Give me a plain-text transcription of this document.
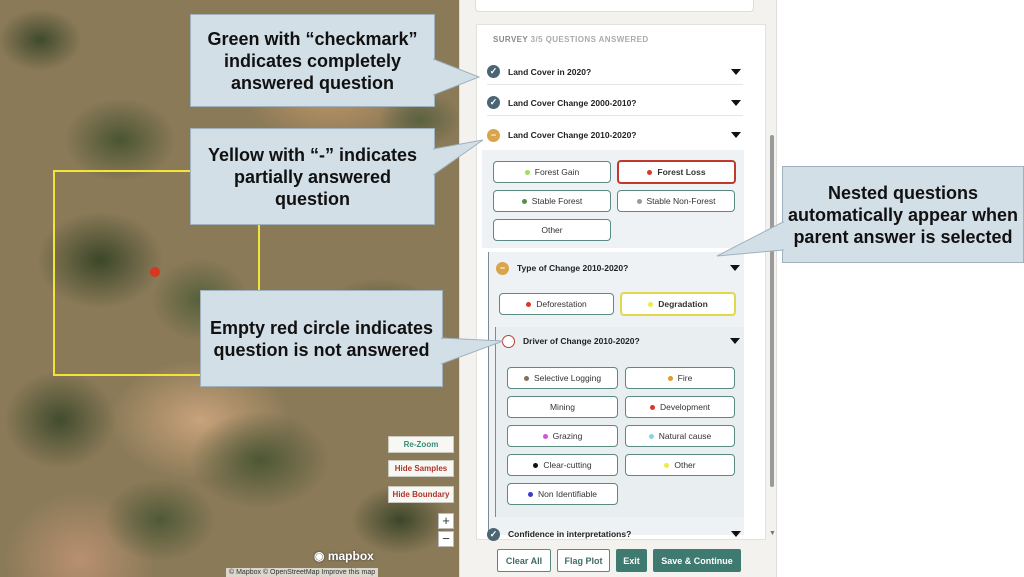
Re-Zoom
Hide Samples
Hide Boundary
+
−
◉ mapbox
© Mapbox © OpenStreetMap Improve this map
SURVEY 3/5 QUESTIONS ANSWERED
✓	Land Cover in 2020?
✓	Land Cover Change 2000-2010?
−	Land Cover Change 2010-2020?
Forest Gain	Forest Loss
Stable Forest	Stable Non-Forest
Other
−	Type of Change 2010-2020?
Deforestation	Degradation
Driver of Change 2010-2020?
Selective Logging	Fire
Mining	Development
Grazing	Natural cause
Clear-cutting	Other
Non Identifiable
✓	Confidence in interpretations?	▼
Clear All	Flag Plot	Exit	Save & Continue
Green with “checkmark” indicates completely answered question
Yellow with “-” indicates partially answered question
Empty red circle indicates question is not answered
Nested questions automatically appear when parent answer is selected
